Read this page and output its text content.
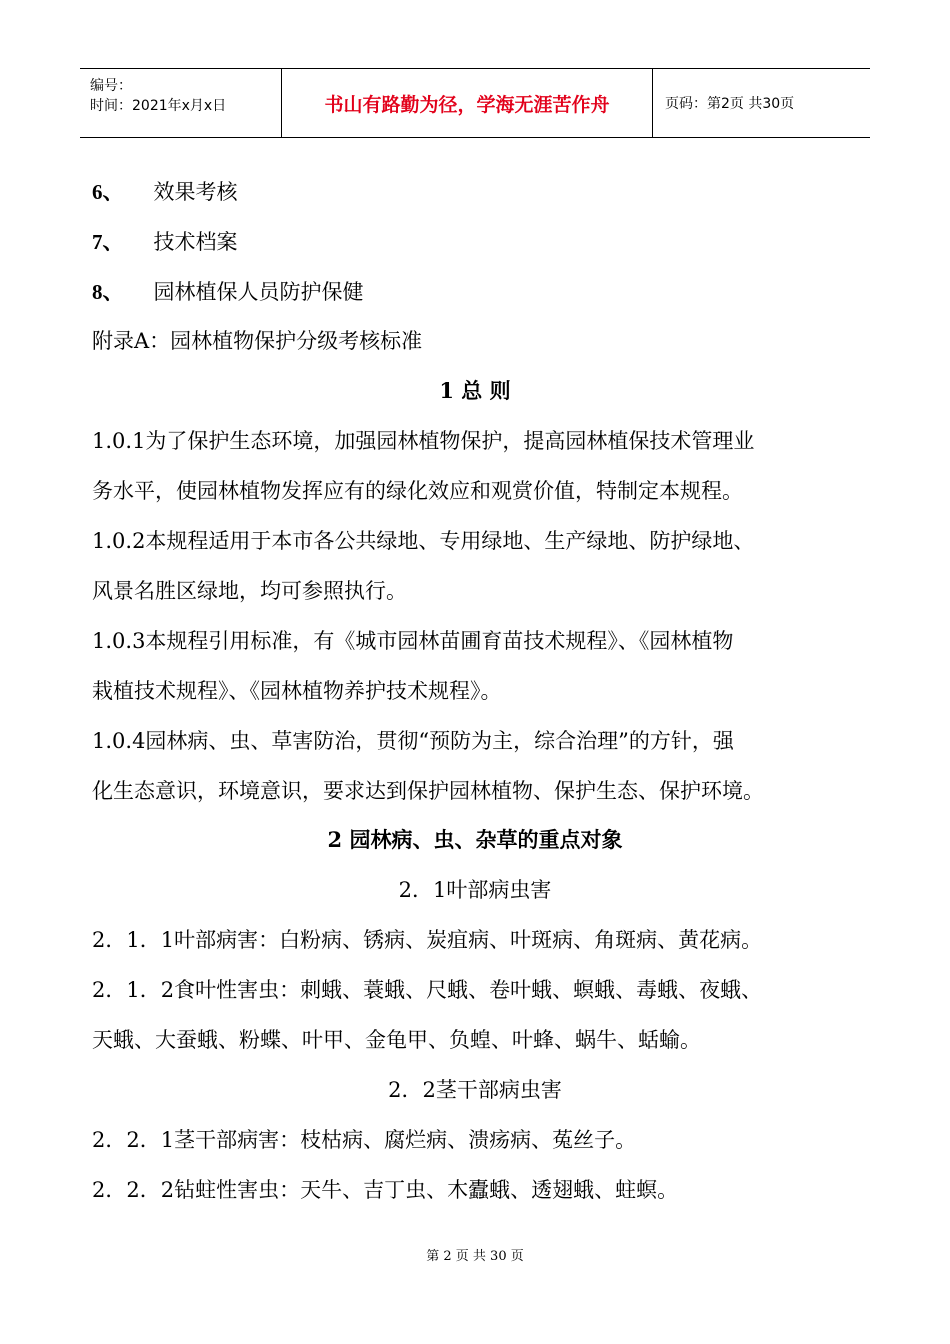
编号：
时间：2021年x月x日	书山有路勤为径，学海无涯苦作舟	页码：第2页 共30页
6、 效果考核
7、 技术档案
8、 园林植保人员防护保健
附录A：园林植物保护分级考核标准
1 总 则
1.0.1为了保护生态环境，加强园林植物保护，提高园林植保技术管理业
务水平，使园林植物发挥应有的绿化效应和观赏价值，特制定本规程。
1.0.2本规程适用于本市各公共绿地、专用绿地、生产绿地、防护绿地、
风景名胜区绿地，均可参照执行。
1.0.3本规程引用标准，有《城市园林苗圃育苗技术规程》、《园林植物
栽植技术规程》、《园林植物养护技术规程》。
1.0.4园林病、虫、草害防治，贯彻“预防为主，综合治理”的方针，强
化生态意识，环境意识，要求达到保护园林植物、保护生态、保护环境。
2 园林病、虫、杂草的重点对象
2．1叶部病虫害
2．1．1叶部病害：白粉病、锈病、炭疽病、叶斑病、角斑病、黄花病。
2．1．2食叶性害虫：刺蛾、蓑蛾、尺蛾、卷叶蛾、螟蛾、毒蛾、夜蛾、
天蛾、大蚕蛾、粉蝶、叶甲、金龟甲、负蝗、叶蜂、蜗牛、蛞蝓。
2．2茎干部病虫害
2．2．1茎干部病害：枝枯病、腐烂病、溃疡病、菟丝子。
2．2．2钻蛀性害虫：天牛、吉丁虫、木蠹蛾、透翅蛾、蛀螟。
第 2 页 共 30 页
